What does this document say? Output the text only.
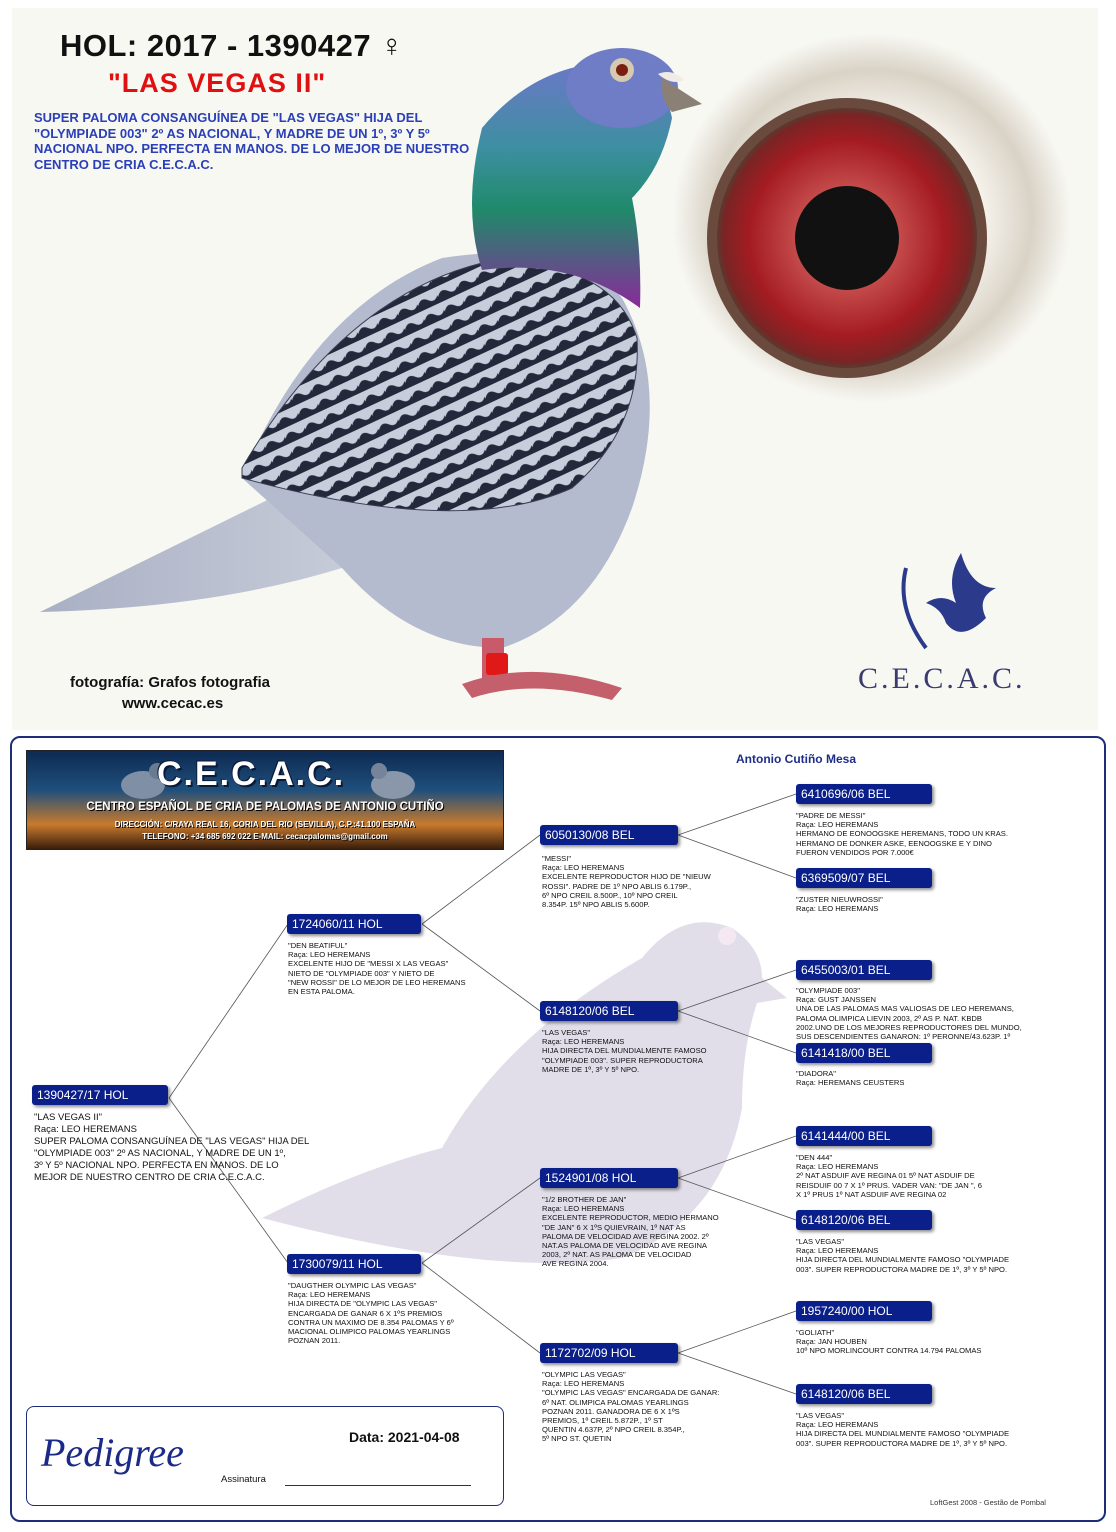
HOL: 2017 - 1390427 ♀
"LAS VEGAS II"
SUPER PALOMA CONSANGUÍNEA DE "LAS VEGAS" HIJA DEL "OLYMPIADE 003" 2º AS NACIONAL, Y MADRE DE UN 1º, 3º Y 5º NACIONAL NPO. PERFECTA EN MANOS. DE LO MEJOR DE NUESTRO CENTRO DE CRIA C.E.C.A.C.
fotografía: Grafos fotografia
www.cecac.es
C.E.C.A.C.
C.E.C.A.C.
CENTRO ESPAÑOL DE CRIA DE PALOMAS DE ANTONIO CUTIÑO
DIRECCIÓN: C/RAYA REAL 16, CORIA DEL RIO (SEVILLA), C.P.:41.100 ESPAÑA
TELEFONO: +34 685 692 022 E-MAIL: cecacpalomas@gmail.com
Antonio Cutiño Mesa
1390427/17 HOL
"LAS VEGAS II"
Raça: LEO HEREMANS
SUPER PALOMA CONSANGUÍNEA DE "LAS VEGAS" HIJA DEL
"OLYMPIADE 003" 2º AS NACIONAL, Y MADRE DE UN 1º,
3º Y 5º NACIONAL NPO. PERFECTA EN MANOS. DE LO
MEJOR DE NUESTRO CENTRO DE CRIA C.E.C.A.C.
1724060/11 HOL
"DEN BEATIFUL"
Raça: LEO HEREMANS
EXCELENTE HIJO DE "MESSI X LAS VEGAS"
NIETO DE "OLYMPIADE 003" Y NIETO DE
"NEW ROSSI" DE LO MEJOR DE LEO HEREMANS
EN ESTA PALOMA.
1730079/11 HOL
"DAUGTHER OLYMPIC LAS VEGAS"
Raça: LEO HEREMANS
HIJA DIRECTA DE "OLYMPIC LAS VEGAS"
ENCARGADA DE GANAR 6 X 1ºS PREMIOS
CONTRA UN MAXIMO DE 8.354 PALOMAS Y 6º
MACIONAL OLIMPICO PALOMAS YEARLINGS
POZNAN 2011.
6050130/08 BEL
"MESSI"
Raça: LEO HEREMANS
EXCELENTE REPRODUCTOR HIJO DE "NIEUW
ROSSI". PADRE DE 1º NPO ABLIS 6.179P.,
6º NPO CREIL 8.500P., 10º NPO CREIL
8.354P. 15º NPO ABLIS 5.600P.
6148120/06 BEL
"LAS VEGAS"
Raça: LEO HEREMANS
HIJA DIRECTA DEL MUNDIALMENTE FAMOSO
"OLYMPIADE 003". SUPER REPRODUCTORA
MADRE DE 1º, 3º Y 5º NPO.
1524901/08 HOL
"1/2 BROTHER DE JAN"
Raça: LEO HEREMANS
EXCELENTE REPRODUCTOR, MEDIO HERMANO
"DE JAN" 6 X 1ºS QUIEVRAIN, 1º NAT AS
PALOMA DE VELOCIDAD AVE REGINA 2002. 2º
NAT.AS PALOMA DE VELOCIDAD AVE REGINA
2003, 2º NAT. AS PALOMA DE VELOCIDAD
AVE REGINA 2004.
1172702/09 HOL
"OLYMPIC LAS VEGAS"
Raça: LEO HEREMANS
"OLYMPIC LAS VEGAS" ENCARGADA DE GANAR:
6º NAT. OLIMPICA PALOMAS YEARLINGS
POZNAN 2011. GANADORA DE 6 X 1ºS
PREMIOS, 1º CREIL 5.872P., 1º ST
QUENTIN 4.637P, 2º NPO CREIL 8.354P.,
5º NPO ST. QUETIN
6410696/06 BEL
"PADRE DE MESSI"
Raça: LEO HEREMANS
HERMANO DE EONOOGSKE HEREMANS, TODO UN KRAS.
HERMANO DE DONKER ASKE, EENOOGSKE E Y DINO
FUERON VENDIDOS POR 7.000€
6369509/07 BEL
"ZUSTER NIEUWROSSI"
Raça: LEO HEREMANS
6455003/01 BEL
"OLYMPIADE 003"
Raça: GUST JANSSEN
UNA DE LAS PALOMAS MAS VALIOSAS DE LEO HEREMANS,
PALOMA OLIMPICA LIEVIN 2003, 2º AS P. NAT. KBDB
2002.UNO DE LOS MEJORES REPRODUCTORES DEL MUNDO,
SUS DESCENDIENTES GANARON: 1º PERONNE/43.623P. 1º
6141418/00 BEL
"DIADORA"
Raça: HEREMANS CEUSTERS
6141444/00 BEL
"DEN 444"
Raça: LEO HEREMANS
2º NAT ASDUIF AVE REGINA 01 5º NAT ASDUIF DE
REISDUIF 00 7 X 1º PRUS. VADER VAN: "DE JAN ", 6
X 1º PRUS 1º NAT ASDUIF AVE REGINA 02
6148120/06 BEL
"LAS VEGAS"
Raça: LEO HEREMANS
HIJA DIRECTA DEL MUNDIALMENTE FAMOSO "OLYMPIADE
003". SUPER REPRODUCTORA MADRE DE 1º, 3º Y 5º NPO.
1957240/00 HOL
"GOLIATH"
Raça: JAN HOUBEN
10º NPO MORLINCOURT CONTRA 14.794 PALOMAS
6148120/06 BEL
"LAS VEGAS"
Raça: LEO HEREMANS
HIJA DIRECTA DEL MUNDIALMENTE FAMOSO "OLYMPIADE
003". SUPER REPRODUCTORA MADRE DE 1º, 3º Y 5º NPO.
Pedigree	Data: 2021-04-08
Assinatura
LoftGest 2008 - Gestão de Pombal
